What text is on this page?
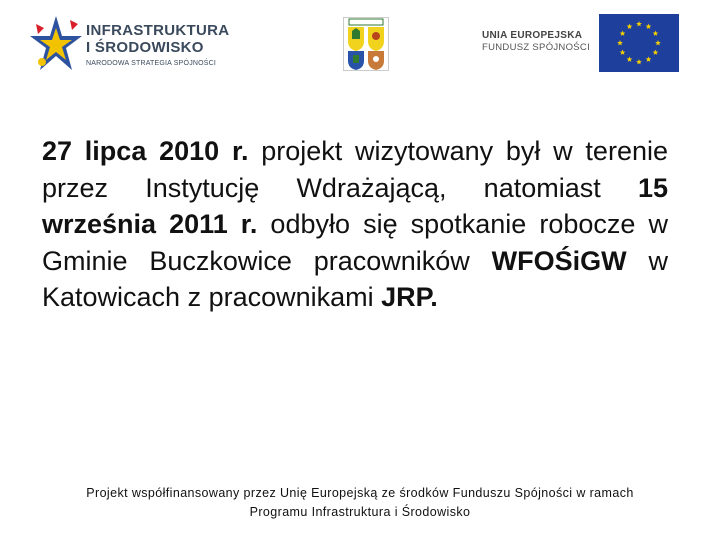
INFRASTRUKTURA
I ŚRODOWISKO
NARODOWA STRATEGIA SPÓJNOŚCI
UNIA EUROPEJSKA
FUNDUSZ SPÓJNOŚCI
27 lipca 2010 r. projekt wizytowany był w terenie przez Instytucję Wdrażającą, natomiast 15 września 2011 r. odbyło się spotkanie robocze w Gminie Buczkowice pracowników WFOŚiGW w Katowicach z pracownikami JRP.
Projekt współfinansowany przez Unię Europejską ze środków Funduszu Spójności w ramach
Programu Infrastruktura i Środowisko
